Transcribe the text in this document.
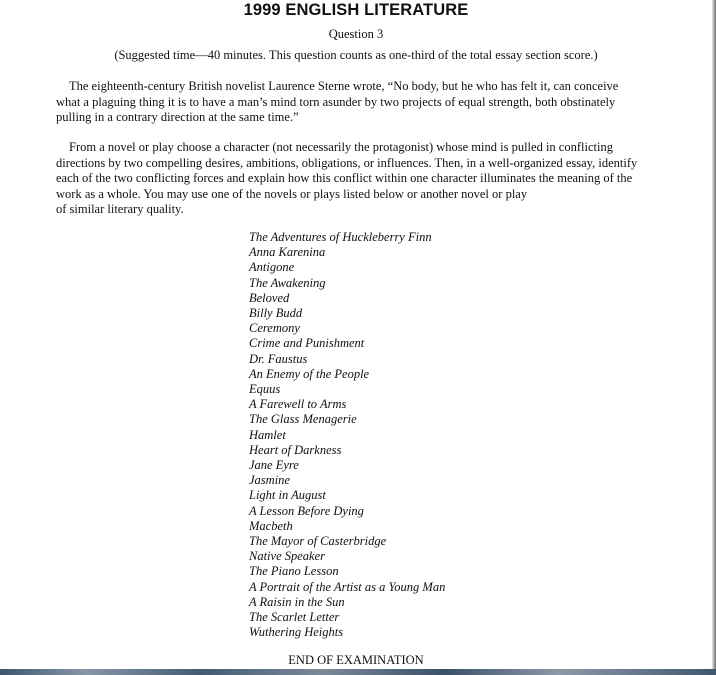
1999 ENGLISH LITERATURE
Question 3
(Suggested time—40 minutes. This question counts as one-third of the total essay section score.)
The eighteenth-century British novelist Laurence Sterne wrote, “No body, but he who has felt it, can conceive
what a plaguing thing it is to have a man’s mind torn asunder by two projects of equal strength, both obstinately
pulling in a contrary direction at the same time.”
From a novel or play choose a character (not necessarily the protagonist) whose mind is pulled in conflicting
directions by two compelling desires, ambitions, obligations, or influences. Then, in a well-organized essay, identify
each of the two conflicting forces and explain how this conflict within one character illuminates the meaning of the
work as a whole. You may use one of the novels or plays listed below or another novel or play
of similar literary quality.
The Adventures of Huckleberry Finn
Anna Karenina
Antigone
The Awakening
Beloved
Billy Budd
Ceremony
Crime and Punishment
Dr. Faustus
An Enemy of the People
Equus
A Farewell to Arms
The Glass Menagerie
Hamlet
Heart of Darkness
Jane Eyre
Jasmine
Light in August
A Lesson Before Dying
Macbeth
The Mayor of Casterbridge
Native Speaker
The Piano Lesson
A Portrait of the Artist as a Young Man
A Raisin in the Sun
The Scarlet Letter
Wuthering Heights
END OF EXAMINATION
